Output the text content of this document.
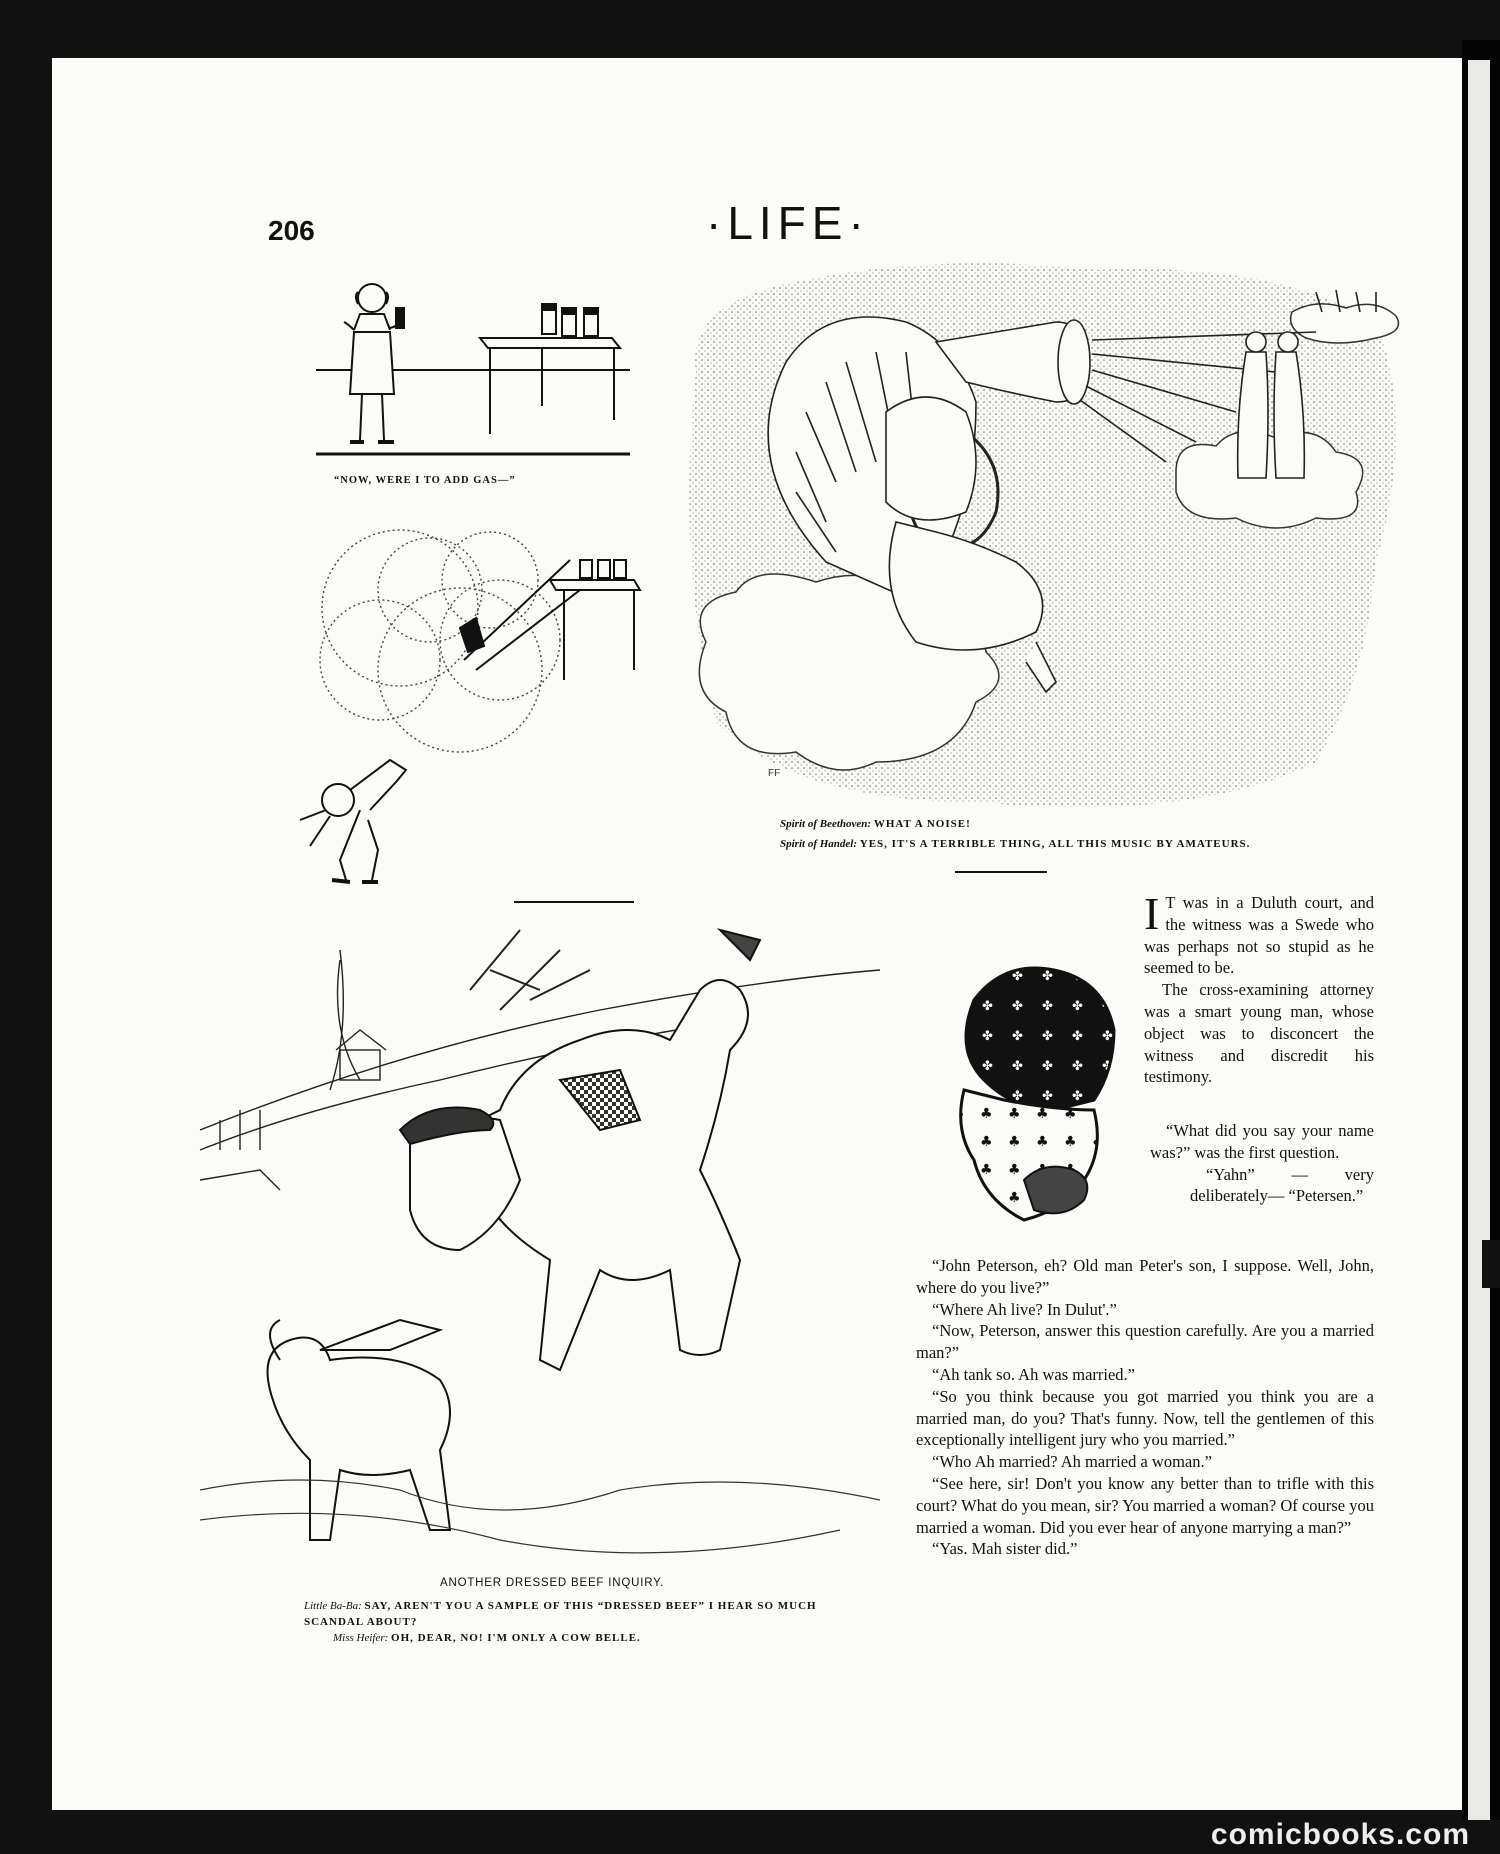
206	·LIFE·
“NOW, WERE I TO ADD GAS—”
FF
Spirit of Beethoven: WHAT A NOISE!
Spirit of Handel: YES, IT'S A TERRIBLE THING, ALL THIS MUSIC BY AMATEURS.
ANOTHER DRESSED BEEF INQUIRY.
Little Ba-Ba: SAY, AREN'T YOU A SAMPLE OF THIS “DRESSED BEEF” I HEAR SO MUCH SCANDAL ABOUT?
Miss Heifer: OH, DEAR, NO! I'M ONLY A COW BELLE.

I T was in a Duluth court, and the witness was a Swede who was perhaps not so stupid as he seemed to be.

The cross-examining attorney was a smart young man, whose object was to disconcert the witness and discredit his testimony.

“What did you say your name was?” was the first question.

“Yahn” — very deliberately— “Petersen.”

“John Peterson, eh? Old man Peter's son, I suppose. Well, John, where do you live?”

“Where Ah live? In Dulut'.”

“Now, Peterson, answer this question carefully. Are you a married man?”

“Ah tank so. Ah was married.”

“So you think because you got married you think you are a married man, do you? That's funny. Now, tell the gentlemen of this exceptionally intelligent jury who you married.”

“Who Ah married? Ah married a woman.”

“See here, sir! Don't you know any better than to trifle with this court? What do you mean, sir? You married a woman? Of course you married a woman. Did you ever hear of anyone marrying a man?”

“Yas. Mah sister did.”

comicbooks.com
